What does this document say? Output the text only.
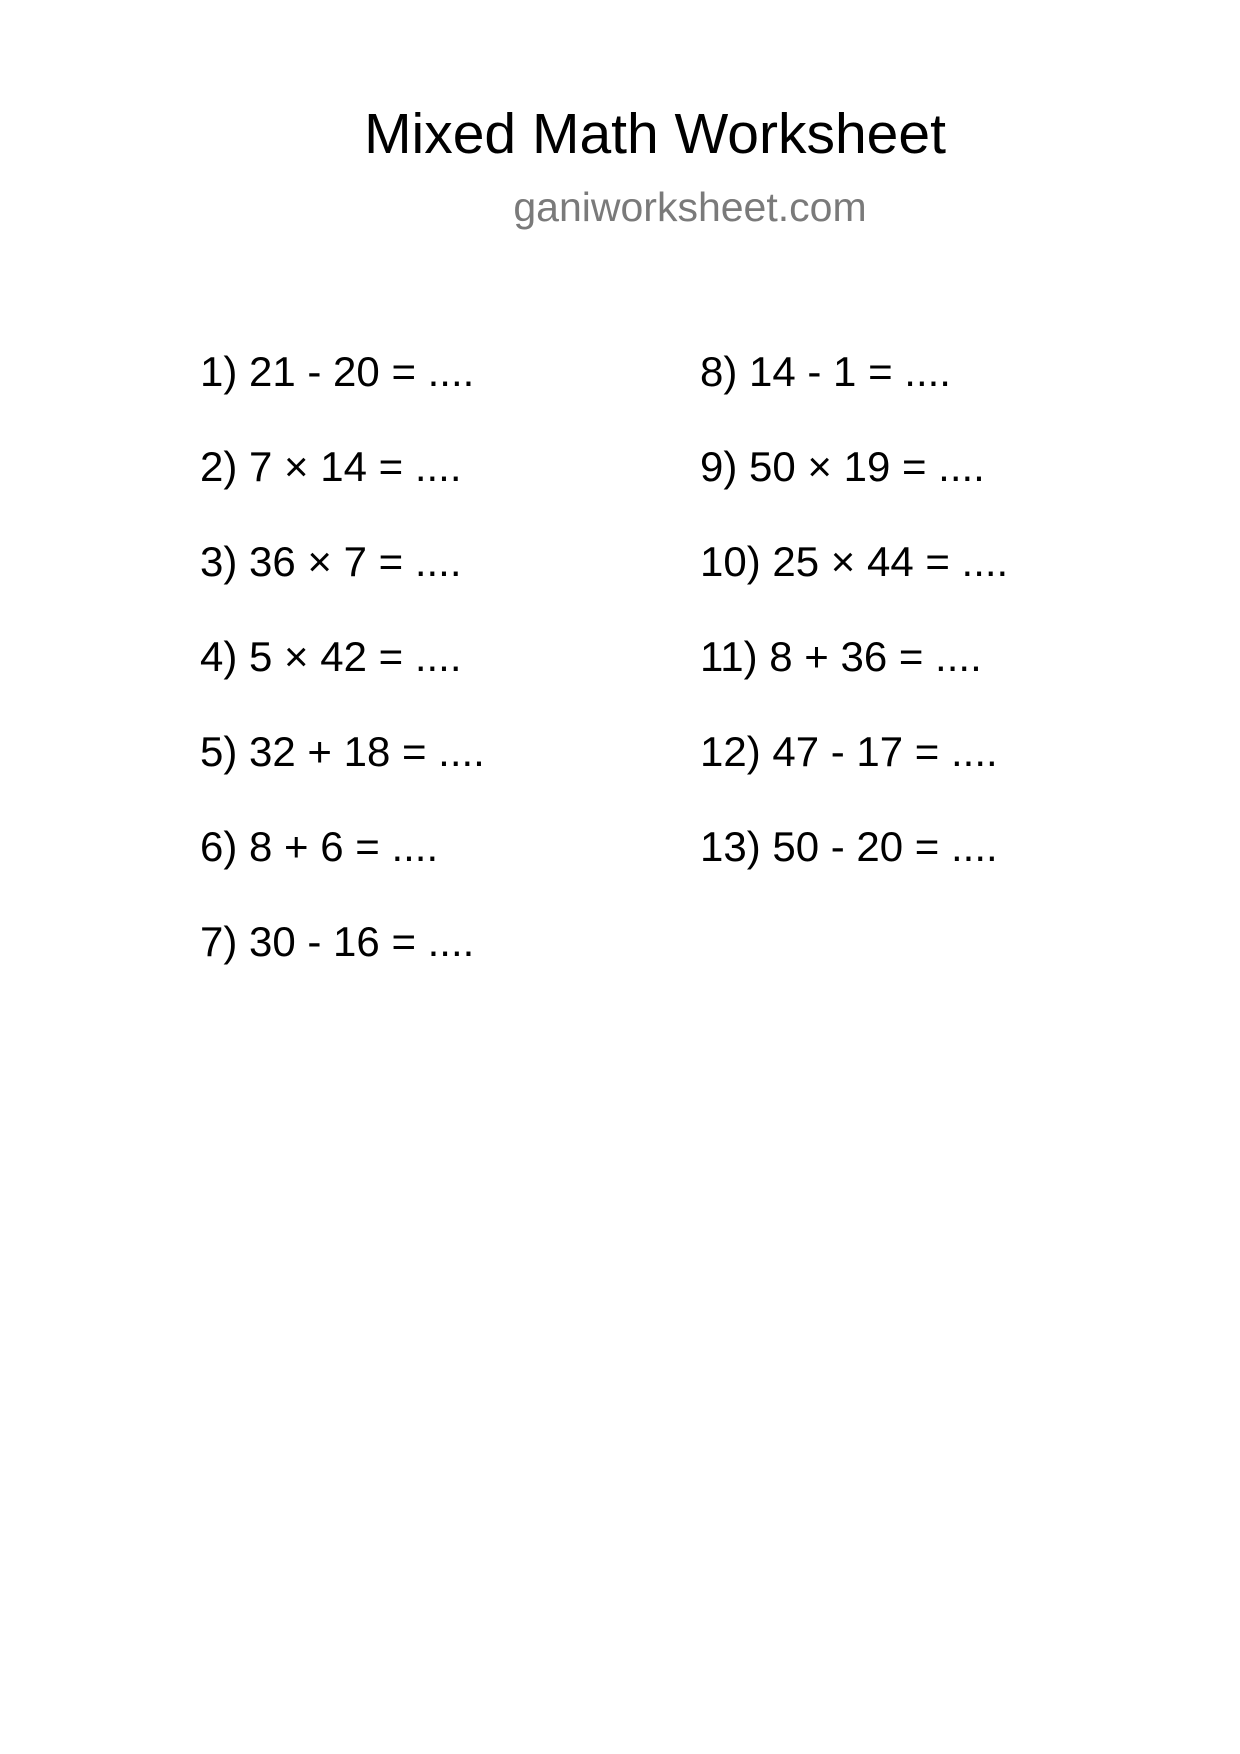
Mixed Math Worksheet
ganiworksheet.com
1) 21 - 20 = ....
2) 7 × 14 = ....
3) 36 × 7 = ....
4) 5 × 42 = ....
5) 32 + 18 = ....
6) 8 + 6 = ....
7) 30 - 16 = ....
8) 14 - 1 = ....
9) 50 × 19 = ....
10) 25 × 44 = ....
11) 8 + 36 = ....
12) 47 - 17 = ....
13) 50 - 20 = ....
